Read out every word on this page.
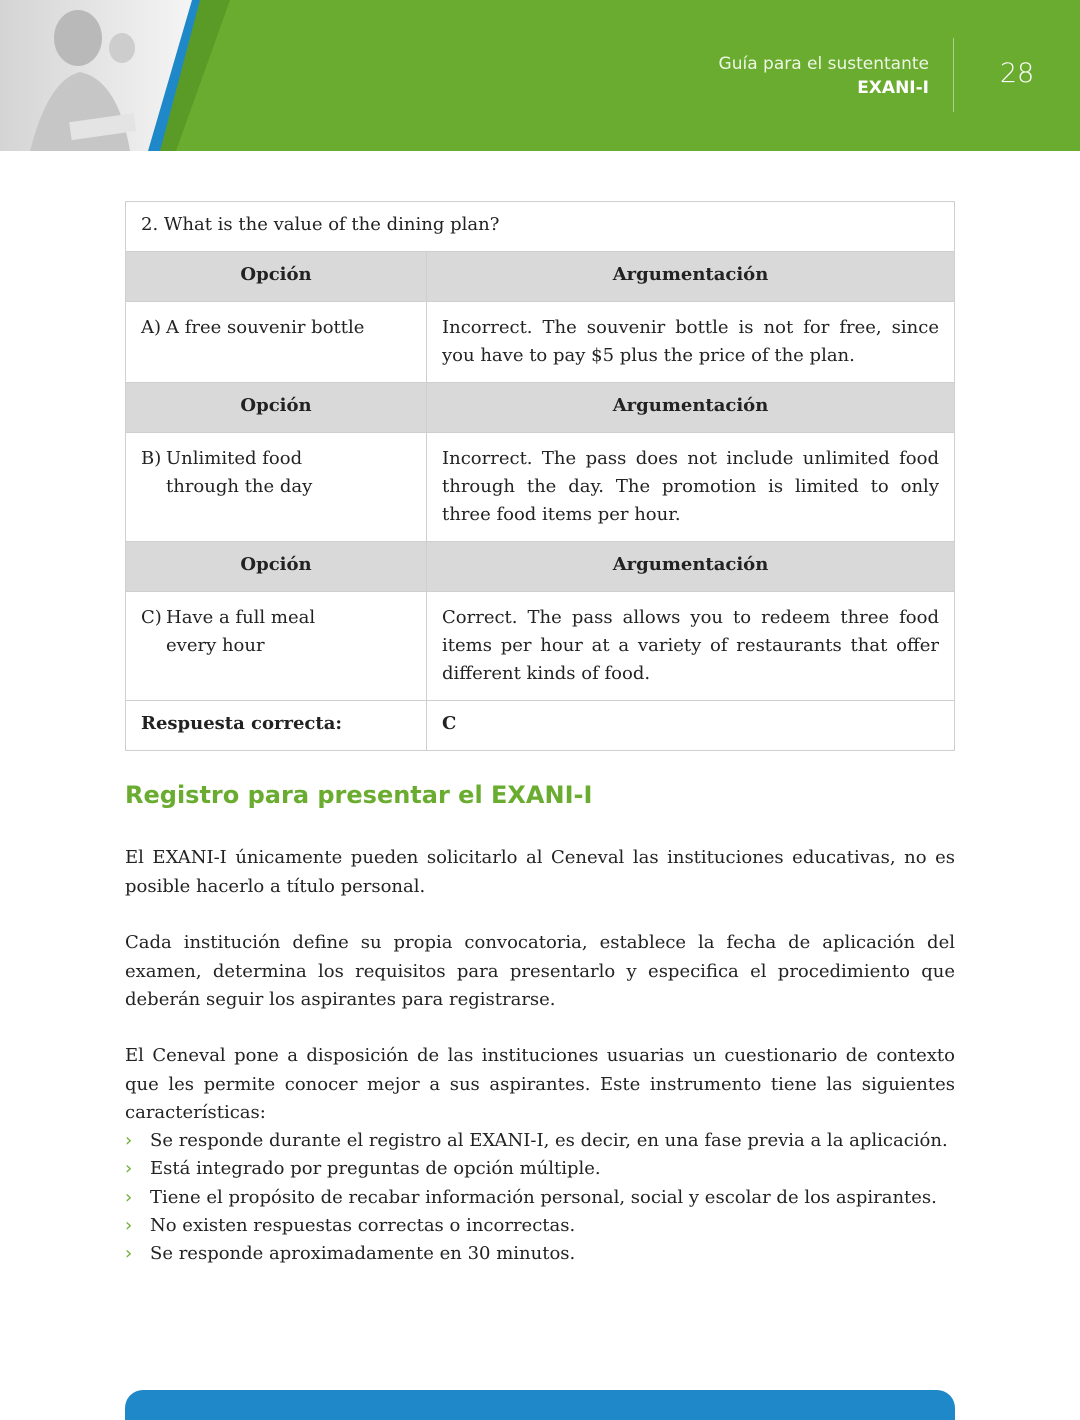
Guía para el sustentante
EXANI-I	28
2. What is the value of the dining plan?	
Opción	Argumentación

A) A free souvenir bottle	Incorrect. The souvenir bottle is not for free, since you have to pay $5 plus the price of the plan.
Opción	Argumentación

B) Unlimited food through the day	Incorrect. The pass does not include unlimited food through the day. The promotion is limited to only three food items per hour.
Opción	Argumentación

C) Have a full meal every hour	Correct. The pass allows you to redeem three food items per hour at a variety of restaurants that offer different kinds of food.
Respuesta correcta:	C
Registro para presentar el EXANI-I

El EXANI-I únicamente pueden solicitarlo al Ceneval las instituciones educativas, no es posible hacerlo a título personal.

Cada institución define su propia convocatoria, establece la fecha de aplicación del examen, determina los requisitos para presentarlo y especifica el procedimiento que deberán seguir los aspirantes para registrarse.

El Ceneval pone a disposición de las instituciones usuarias un cuestionario de contexto que les permite conocer mejor a sus aspirantes. Este instrumento tiene las siguientes características:

› Se responde durante el registro al EXANI-I, es decir, en una fase previa a la aplicación.
› Está integrado por preguntas de opción múltiple.
› Tiene el propósito de recabar información personal, social y escolar de los aspirantes.
› No existen respuestas correctas o incorrectas.
› Se responde aproximadamente en 30 minutos.
